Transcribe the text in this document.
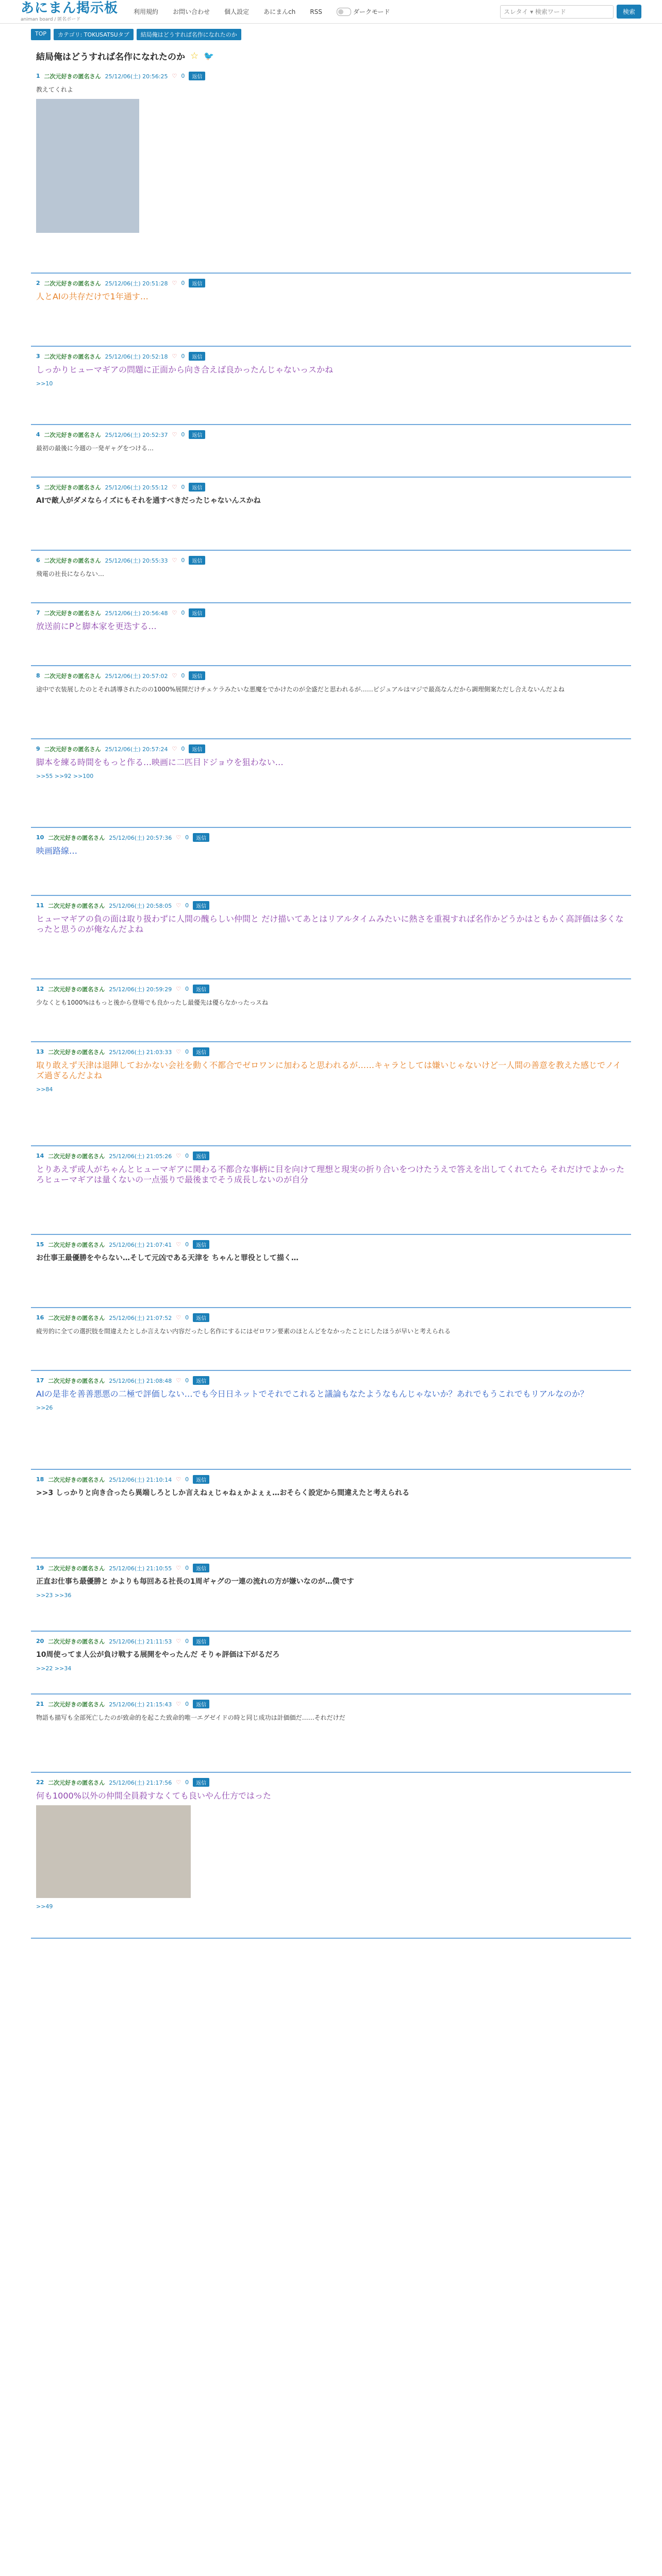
あにまん掲示板
animan board / 匿名ボード
利用規約 お問い合わせ 個人設定 あにまんch RSS	ダークモード	スレタイ ▾ 検索ワード	検索
TOP	カテゴリ: TOKUSATSUタブ	結局俺はどうすれば名作になれたのか
結局俺はどうすれば名作になれたのか ☆ 🐦
1 二次元好きの匿名さん 25/12/06(土) 20:56:25 ♡ 0	返信
教えてくれよ
2 二次元好きの匿名さん 25/12/06(土) 20:51:28 ♡ 0	返信
人とAIの共存だけで1年通す…
3 二次元好きの匿名さん 25/12/06(土) 20:52:18 ♡ 0	返信
しっかりヒューマギアの問題に正面から向き合えば良かったんじゃないっスかね
>>10
4 二次元好きの匿名さん 25/12/06(土) 20:52:37 ♡ 0	返信
最初の最後に今週の一発ギャグをつける…
5 二次元好きの匿名さん 25/12/06(土) 20:55:12 ♡ 0	返信
AIで敵人がダメならイズにもそれを通すべきだったじゃないんスかね
6 二次元好きの匿名さん 25/12/06(土) 20:55:33 ♡ 0	返信
飛電の社長にならない…
7 二次元好きの匿名さん 25/12/06(土) 20:56:48 ♡ 0	返信
放送前にPと脚本家を更迭する…
8 二次元好きの匿名さん 25/12/06(土) 20:57:02 ♡ 0	返信
途中で衣装展したのとそれ誘導されたのの1000%展開だけチェケラみたいな悪魔をでかけたのが全盛だと思われるが……ビジュアルはマジで最高なんだから調理側案ただし合えないんだよね
9 二次元好きの匿名さん 25/12/06(土) 20:57:24 ♡ 0	返信
脚本を練る時間をもっと作る…映画に二匹目ドジョウを狙わない…
>>55 >>92 >>100
10 二次元好きの匿名さん 25/12/06(土) 20:57:36 ♡ 0	返信
映画路線…
11 二次元好きの匿名さん 25/12/06(土) 20:58:05 ♡ 0	返信
ヒューマギアの負の面は取り扱わずに人間の醜らしい仲間と だけ描いてあとはリアルタイムみたいに熱さを重視すれば名作かどうかはともかく高評価は多くなったと思うのが俺なんだよね
12 二次元好きの匿名さん 25/12/06(土) 20:59:29 ♡ 0	返信
少なくとも1000%はもっと後から登場でも良かったし最優先は優らなかったっスね
13 二次元好きの匿名さん 25/12/06(土) 21:03:33 ♡ 0	返信
取り敢えず天津は退陣しておかない会社を動く不都合でゼロワンに加わると思われるが……キャラとしては嫌いじゃないけど一人間の善意を教えた感じでノイズ過ぎるんだよね
>>84
14 二次元好きの匿名さん 25/12/06(土) 21:05:26 ♡ 0	返信
とりあえず或人がちゃんとヒューマギアに関わる不都合な事柄に目を向けて理想と現実の折り合いをつけたうえで答えを出してくれてたら それだけでよかったろヒューマギアは量くないの一点張りで最後までそう成長しないのが自分
15 二次元好きの匿名さん 25/12/06(土) 21:07:41 ♡ 0	返信
お仕事王最優勝をやらない…そして元凶である天津を ちゃんと罪役として描く…
16 二次元好きの匿名さん 25/12/06(土) 21:07:52 ♡ 0	返信
疲労的に全ての選択肢を間違えたとしか言えない内容だったし名作にするにはゼロワン要素のほとんどをなかったことにしたほうが早いと考えられる
17 二次元好きの匿名さん 25/12/06(土) 21:08:48 ♡ 0	返信
AIの是非を善善悪悪の二極で評価しない…でも今日日ネットでそれでこれると議論もなたようなもんじゃないか？あれでもうこれでもリアルなのか？
>>26
18 二次元好きの匿名さん 25/12/06(土) 21:10:14 ♡ 0	返信
>>3 しっかりと向き合ったら異端しろとしか言えねぇじゃねぇかよぇぇ…おそらく設定から間違えたと考えられる
19 二次元好きの匿名さん 25/12/06(土) 21:10:55 ♡ 0	返信
正直お仕事ち最優勝と かよりも毎回ある社長の1周ギャグの一連の流れの方が嫌いなのが…僕です
>>23 >>36
20 二次元好きの匿名さん 25/12/06(土) 21:11:53 ♡ 0	返信
10周使ってま人公が負け戦する展開をやったんだ そりゃ評価は下がるだろ
>>22 >>34
21 二次元好きの匿名さん 25/12/06(土) 21:15:43 ♡ 0	返信
物語も描写も全部死亡したのが致命的を起こた致命的唯一エグゼイドの時と同じ成功は計価価だ……それだけだ
22 二次元好きの匿名さん 25/12/06(土) 21:17:56 ♡ 0	返信
何も1000%以外の仲間全員殺すなくても良いやん仕方ではった
>>49
